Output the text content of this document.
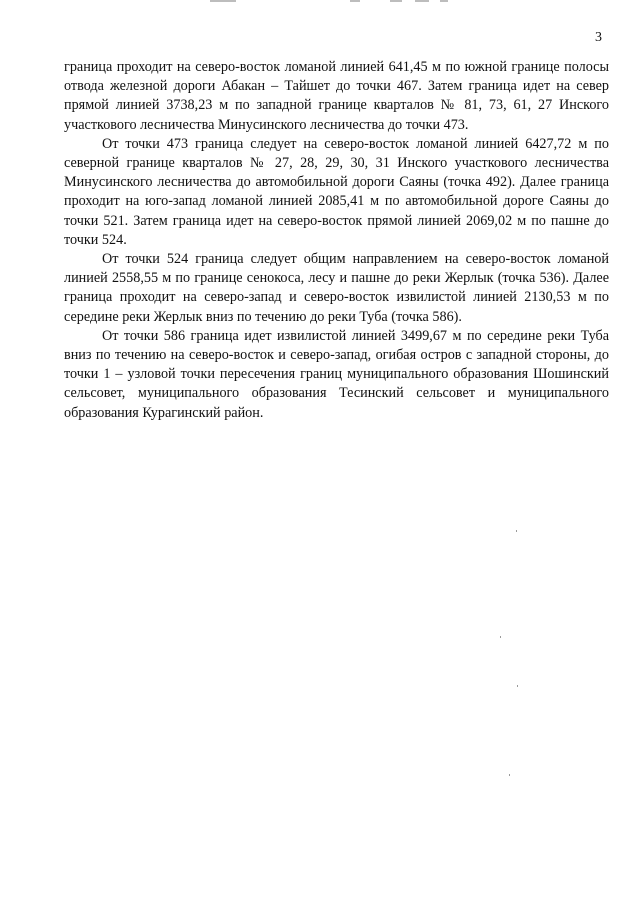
3

граница проходит на северо-восток ломаной линией 641,45 м по южной границе полосы отвода железной дороги Абакан – Тайшет до точки 467. Затем граница идет на север прямой линией 3738,23 м по западной границе кварталов № 81, 73, 61, 27 Инского участкового лесничества Минусинского лесничества до точки 473.

От точки 473 граница следует на северо-восток ломаной линией 6427,72 м по северной границе кварталов № 27, 28, 29, 30, 31 Инского участкового лесничества Минусинского лесничества до автомобильной дороги Саяны (точка 492). Далее граница проходит на юго-запад ломаной линией 2085,41 м по автомобильной дороге Саяны до точки 521. Затем граница идет на северо-восток прямой линией 2069,02 м по пашне до точки 524.

От точки 524 граница следует общим направлением на северо-восток ломаной линией 2558,55 м по границе сенокоса, лесу и пашне до реки Жерлык (точка 536). Далее граница проходит на северо-запад и северо-восток извилистой линией 2130,53 м по середине реки Жерлык вниз по течению до реки Туба (точка 586).

От точки 586 граница идет извилистой линией 3499,67 м по середине реки Туба вниз по течению на северо-восток и северо-запад, огибая остров с западной стороны, до точки 1 – узловой точки пересечения границ муниципального образования Шошинский сельсовет, муниципального образования Тесинский сельсовет и муниципального образования Курагинский район.
